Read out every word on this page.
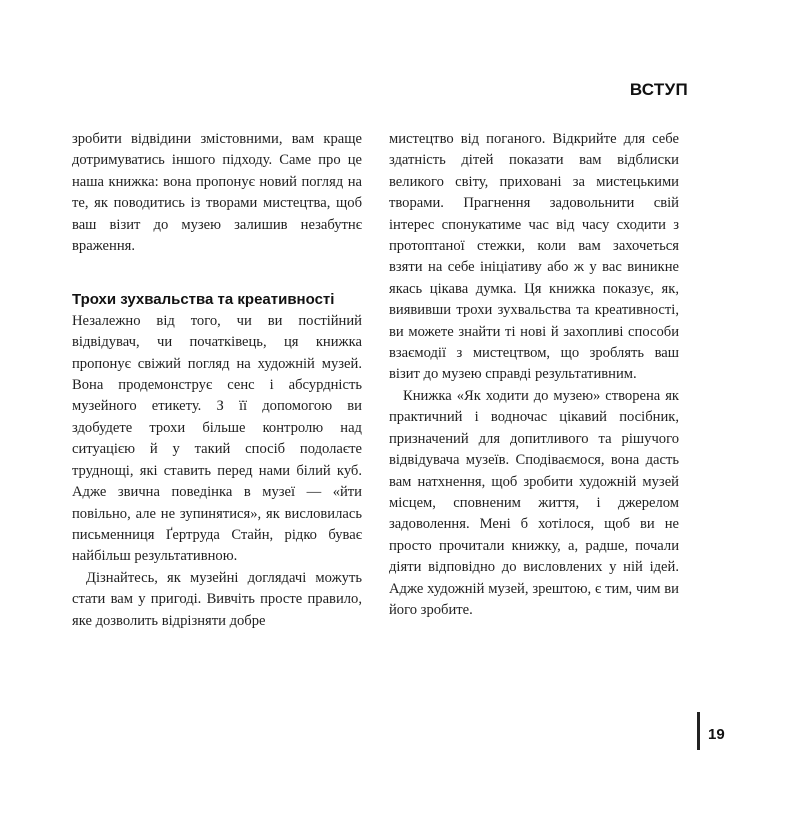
ВСТУП

зробити відвідини змістовними, вам краще дотримуватись іншого підходу. Саме про це наша книжка: вона пропонує новий погляд на те, як поводитись із творами мистецтва, щоб ваш візит до музею залишив незабутнє враження.

Трохи зухвальства та креативності

Незалежно від того, чи ви постійний відвідувач, чи початківець, ця книжка пропонує свіжий погляд на художній музей. Вона продемонструє сенс і абсурдність музейного етикету. З її допомогою ви здобудете трохи більше контролю над ситуацією й у такий спосіб подолаєте труднощі, які ставить перед нами білий куб. Адже звична поведінка в музеї — «йти повільно, але не зупинятися», як висловилась письменниця Ґертруда Стайн, рідко буває найбільш результативною.

Дізнайтесь, як музейні доглядачі можуть стати вам у пригоді. Вивчіть просте правило, яке дозволить відрізняти добре

мистецтво від поганого. Відкрийте для себе здатність дітей показати вам відблиски великого світу, приховані за мистецькими творами. Прагнення задовольнити свій інтерес спонукатиме час від часу сходити з протоптаної стежки, коли вам захочеться взяти на себе ініціативу або ж у вас виникне якась цікава думка. Ця книжка показує, як, виявивши трохи зухвальства та креативності, ви можете знайти ті нові й захопливі способи взаємодії з мистецтвом, що зроблять ваш візит до музею справді результативним.

Книжка «Як ходити до музею» створена як практичний і водночас цікавий посібник, призначений для допитливого та рішучого відвідувача музеїв. Сподіваємося, вона дасть вам натхнення, щоб зробити художній музей місцем, сповненим життя, і джерелом задоволення. Мені б хотілося, щоб ви не просто прочитали книжку, а, радше, почали діяти відповідно до висловлених у ній ідей. Адже художній музей, зрештою, є тим, чим ви його зробите.

19
